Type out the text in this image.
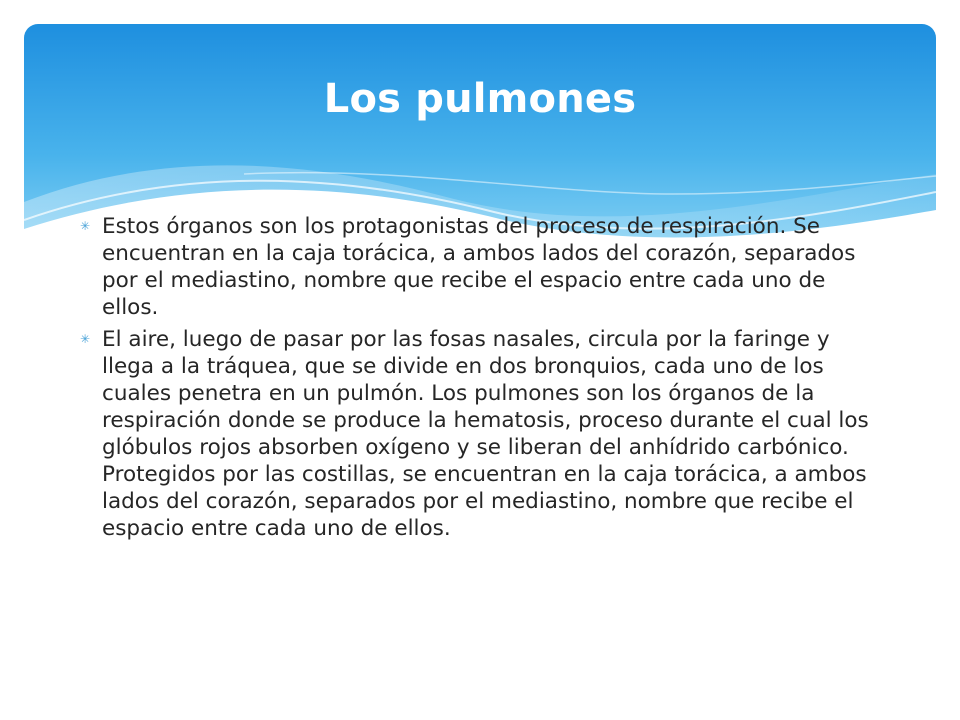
Los pulmones
✳ Estos órganos son los protagonistas del proceso de respiración. Se encuentran en la caja torácica, a ambos lados del corazón, separados por el mediastino, nombre que recibe el espacio entre cada uno de ellos.
✳ El aire, luego de pasar por las fosas nasales, circula por la faringe y llega a la tráquea, que se divide en dos bronquios, cada uno de los cuales penetra en un pulmón. Los pulmones son los órganos de la respiración donde se produce la hematosis, proceso durante el cual los glóbulos rojos absorben oxígeno y se liberan del anhídrido carbónico. Protegidos por las costillas, se encuentran en la caja torácica, a ambos lados del corazón, separados por el mediastino, nombre que recibe el espacio entre cada uno de ellos.
